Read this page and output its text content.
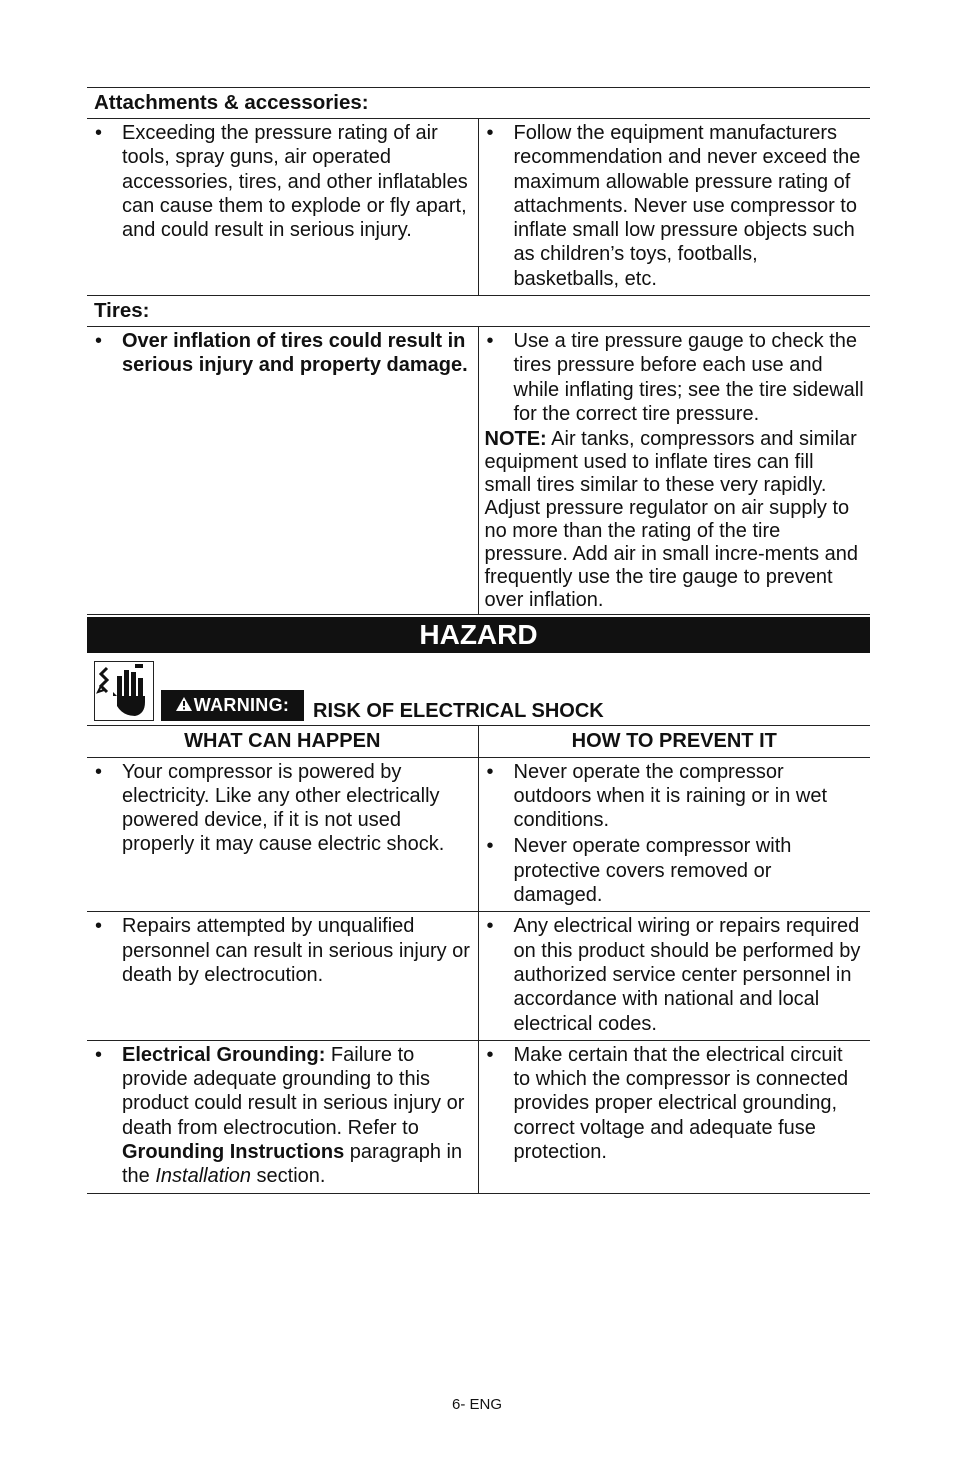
Attachments & accessories:
• Exceeding the pressure rating of air tools, spray guns, air operated accessories, tires, and other inflatables can cause them to explode or fly apart, and could result in serious injury.
• Follow the equipment manufacturers recommendation and never exceed the maximum allowable pressure rating of attachments. Never use compressor to inflate small low pressure objects such as children’s toys, footballs, basketballs, etc.
Tires:
• Over inflation of tires could result in serious injury and property damage.
• Use a tire pressure gauge to check the tires pressure before each use and while inflating tires; see the tire sidewall for the correct tire pressure.
NOTE: Air tanks, compressors and similar equipment used to inflate tires can fill small tires similar to these very rapidly. Adjust pressure regulator on air supply to no more than the rating of the tire pressure. Add air in small incre-ments and frequently use the tire gauge to prevent over inflation.
HAZARD
WARNING:	RISK OF ELECTRICAL SHOCK
WHAT CAN HAPPEN	HOW TO PREVENT IT
• Your compressor is powered by electricity. Like any other electrically powered device, if it is not used properly it may cause electric shock.
• Never operate the compressor outdoors when it is raining or in wet conditions.
• Never operate compressor with protective covers removed or damaged.
• Repairs attempted by unqualified personnel can result in serious injury or death by electrocution.
• Any electrical wiring or repairs required on this product should be performed by authorized service center personnel in accordance with national and local electrical codes.
• Electrical Grounding: Failure to provide adequate grounding to this product could result in serious injury or death from electrocution. Refer to Grounding Instructions paragraph in the Installation section.
• Make certain that the electrical circuit to which the compressor is connected provides proper electrical grounding, correct voltage and adequate fuse protection.
6- ENG
